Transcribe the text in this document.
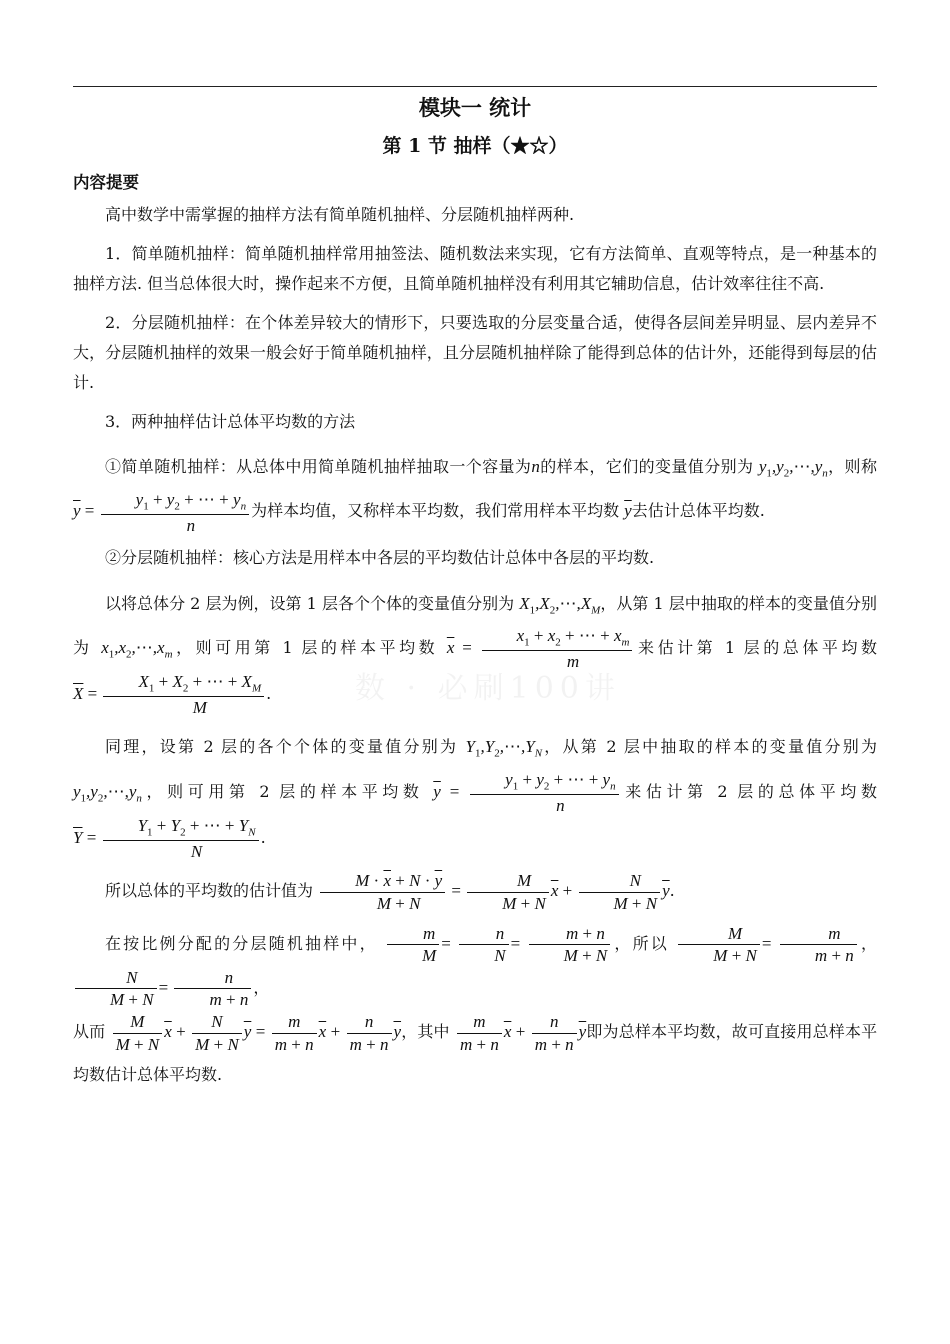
数 · 必刷100讲
模块一 统计
第 1 节 抽样（★☆）
内容提要

高中数学中需掌握的抽样方法有简单随机抽样、分层随机抽样两种.

1．简单随机抽样：简单随机抽样常用抽签法、随机数法来实现，它有方法简单、直观等特点，是一种基本的抽样方法. 但当总体很大时，操作起来不方便，且简单随机抽样没有利用其它辅助信息，估计效率往往不高.

2．分层随机抽样：在个体差异较大的情形下，只要选取的分层变量合适，使得各层间差异明显、层内差异不大，分层随机抽样的效果一般会好于简单随机抽样，且分层随机抽样除了能得到总体的估计外，还能得到每层的估计.

3．两种抽样估计总体平均数的方法

①简单随机抽样：从总体中用简单随机抽样抽取一个容量为n的样本，它们的变量值分别为 $y_1,y_2,\cdots,y_n$，则称 $\overline{y} = \frac{y_1 + y_2 + \cdots + y_n}{n}$ 为样本均值，又称样本平均数，我们常用样本平均数 $\overline{y}$去估计总体平均数.

②分层随机抽样：核心方法是用样本中各层的平均数估计总体中各层的平均数.

以将总体分 2 层为例，设第 1 层各个个体的变量值分别为 $X_1,X_2,\cdots,X_M$，从第 1 层中抽取的样本的变量值分别为 $x_1,x_2,\cdots,x_m$，则可用第 1 层的样本平均数 $\overline{x} = \frac{x_1 + x_2 + \cdots + x_m}{m}$ 来估计第 1 层的总体平均数 $\overline{X} = \frac{X_1 + X_2 + \cdots + X_M}{M}$ .

同理，设第 2 层的各个个体的变量值分别为 $Y_1,Y_2,\cdots,Y_N$，从第 2 层中抽取的样本的变量值分别为 $y_1,y_2,\cdots,y_n$，则可用第 2 层的样本平均数 $\overline{y} = \frac{y_1 + y_2 + \cdots + y_n}{n}$ 来估计第 2 层的总体平均数 $\overline{Y} = \frac{Y_1 + Y_2 + \cdots + Y_N}{N}$ .

所以总体的平均数的估计值为 $\frac{M \cdot \overline{x} + N \cdot \overline{y}}{M + N} = \frac{M}{M + N} \overline{x} + \frac{N}{M + N} \overline{y}$.

在按比例分配的分层随机抽样中， $\frac{m}{M} = \frac{n}{N} = \frac{m + n}{M + N}$ ，所以 $\frac{M}{M + N} = \frac{m}{m + n}$ ，
$\frac{N}{M + N} = \frac{n}{m + n}$ ，

从而 $\frac{M}{M + N} \overline{x} + \frac{N}{M + N} \overline{y} = \frac{m}{m + n} \overline{x} + \frac{n}{m + n} \overline{y}$，其中 $\frac{m}{m + n} \overline{x} + \frac{n}{m + n} \overline{y}$即为总样本平均数，故可直接用总样本平均数估计总体平均数.
